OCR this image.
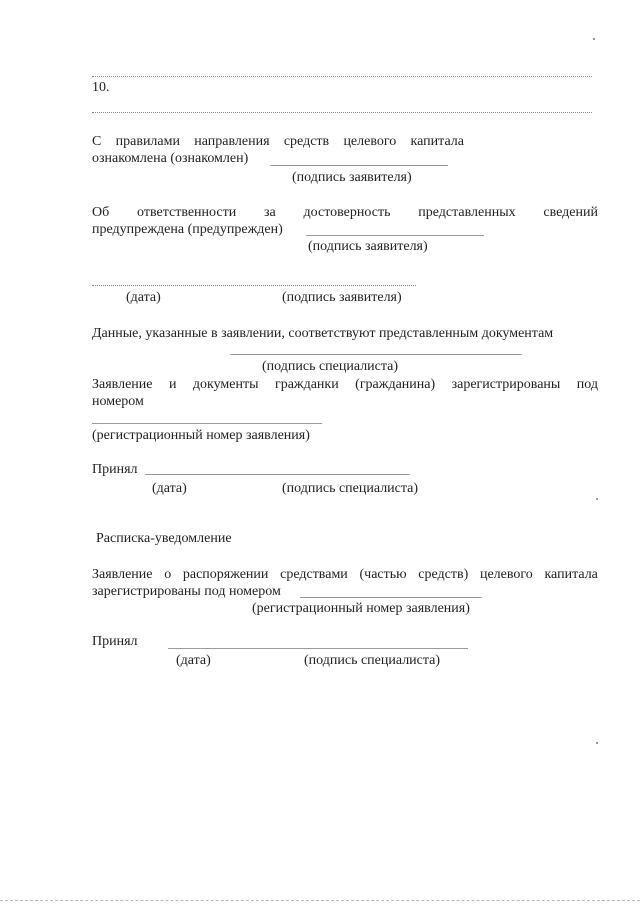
10.
С правилами направления средств целевого капитала
ознакомлена (ознакомлен)
(подпись заявителя)
Об ответственности за достоверность представленных сведений
предупреждена (предупрежден)
(подпись заявителя)
(дата)	(подпись заявителя)
Данные, указанные в заявлении, соответствуют представленным документам
(подпись специалиста)
Заявление и документы гражданки (гражданина) зарегистрированы под
номером
(регистрационный номер заявления)
Принял
(дата)	(подпись специалиста)
Расписка-уведомление
Заявление о распоряжении средствами (частью средств) целевого капитала
зарегистрированы под номером
(регистрационный номер заявления)
Принял
(дата)	(подпись специалиста)
